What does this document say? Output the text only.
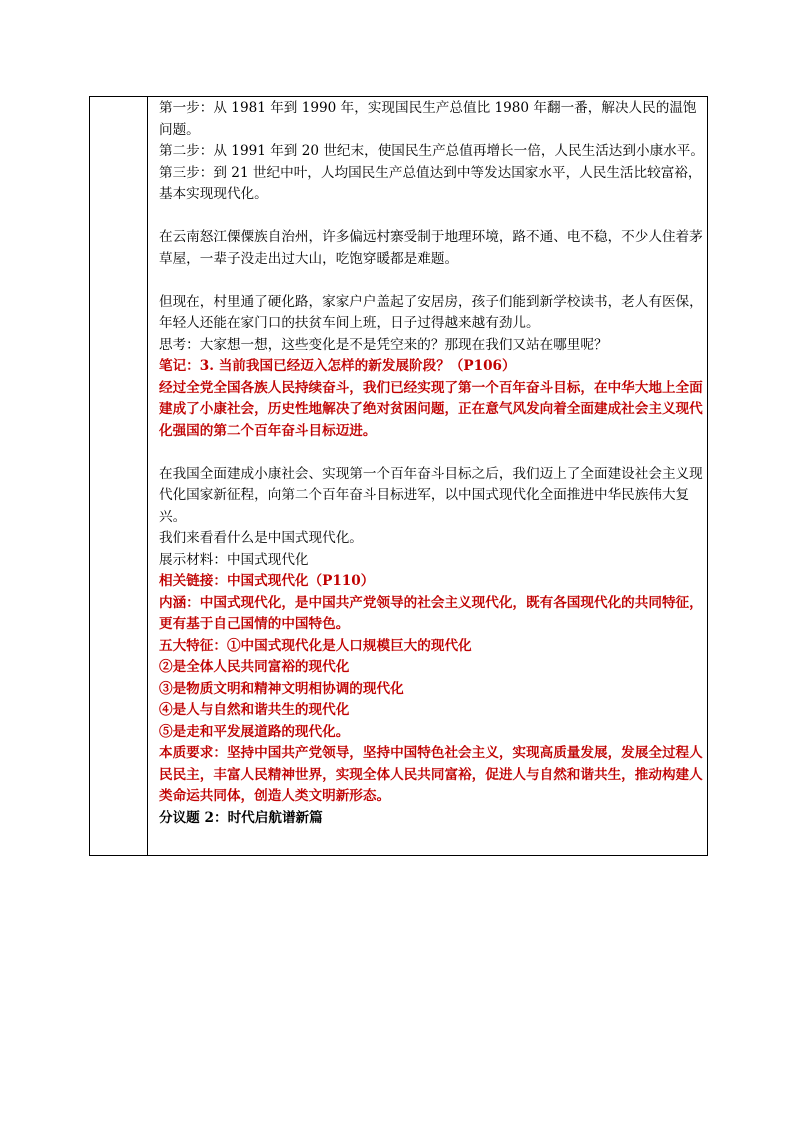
第一步：从 1981 年到 1990 年，实现国民生产总值比 1980 年翻一番，解决人民的温饱问题。

第二步：从 1991 年到 20 世纪末，使国民生产总值再增长一倍，人民生活达到小康水平。

第三步：到 21 世纪中叶，人均国民生产总值达到中等发达国家水平，人民生活比较富裕，基本实现现代化。

在云南怒江傈僳族自治州，许多偏远村寨受制于地理环境，路不通、电不稳，不少人住着茅草屋，一辈子没走出过大山，吃饱穿暖都是难题。

但现在，村里通了硬化路，家家户户盖起了安居房，孩子们能到新学校读书，老人有医保，年轻人还能在家门口的扶贫车间上班，日子过得越来越有劲儿。

思考：大家想一想，这些变化是不是凭空来的？那现在我们又站在哪里呢？

笔记：3. 当前我国已经迈入怎样的新发展阶段？（P106）

经过全党全国各族人民持续奋斗，我们已经实现了第一个百年奋斗目标，在中华大地上全面建成了小康社会，历史性地解决了绝对贫困问题，正在意气风发向着全面建成社会主义现代化强国的第二个百年奋斗目标迈进。

在我国全面建成小康社会、实现第一个百年奋斗目标之后，我们迈上了全面建设社会主义现代化国家新征程，向第二个百年奋斗目标进军，以中国式现代化全面推进中华民族伟大复兴。

我们来看看什么是中国式现代化。

展示材料：中国式现代化

相关链接：中国式现代化（P110）

内涵：中国式现代化，是中国共产党领导的社会主义现代化，既有各国现代化的共同特征，更有基于自己国情的中国特色。

五大特征：①中国式现代化是人口规模巨大的现代化

②是全体人民共同富裕的现代化

③是物质文明和精神文明相协调的现代化

④是人与自然和谐共生的现代化

⑤是走和平发展道路的现代化。

本质要求：坚持中国共产党领导，坚持中国特色社会主义，实现高质量发展，发展全过程人民民主，丰富人民精神世界，实现全体人民共同富裕，促进人与自然和谐共生，推动构建人类命运共同体，创造人类文明新形态。

分议题 2：时代启航谱新篇
